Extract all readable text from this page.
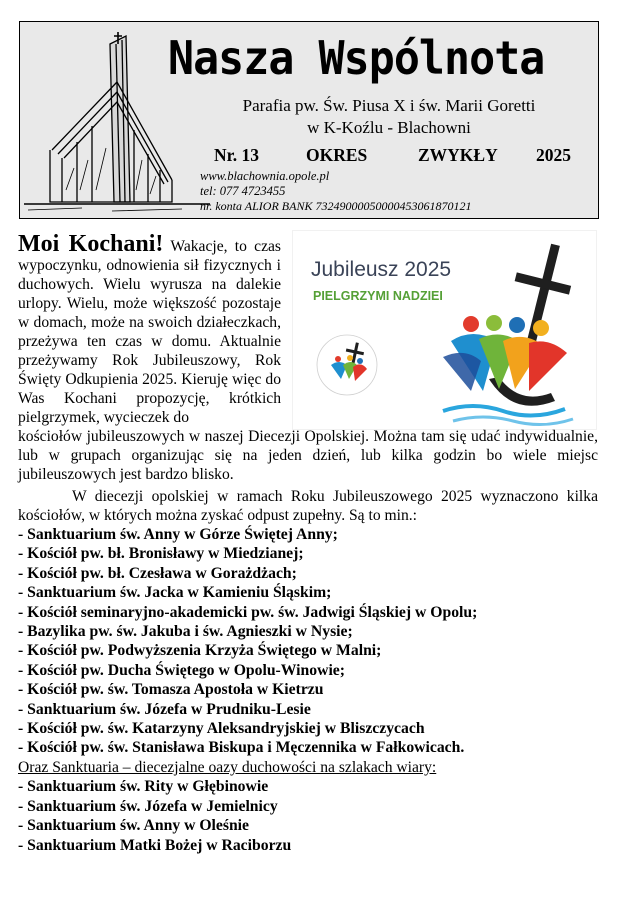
Nasza Wspólnota
Parafia pw. Św. Piusa X i św. Marii Goretti
w K-Koźlu - Blachowni
Nr. 13	OKRES	ZWYKŁY 2025
www.blachownia.opole.pl
tel: 077 4723455
nr. konta ALIOR BANK 73249000050000453061870121
Jubileusz 2025
PIELGRZYMI NADZIEI
Moi Kochani! Wakacje, to czas wypoczynku, odnowienia sił fizycznych i duchowych. Wielu wyrusza na dalekie urlopy. Wielu, może większość pozostaje w domach, może na swoich działeczkach, przeżywa ten czas w domu. Aktualnie przeżywamy Rok Jubileuszowy, Rok Święty Odkupienia 2025. Kieruję więc do Was Kochani propozycję, krótkich pielgrzymek, wycieczek do

kościołów jubileuszowych w naszej Diecezji Opolskiej. Można tam się udać indywidualnie, lub w grupach organizując się na jeden dzień, lub kilka godzin bo wiele miejsc jubileuszowych jest bardzo blisko.

W diecezji opolskiej w ramach Roku Jubileuszowego 2025 wyznaczono kilka kościołów, w których można zyskać odpust zupełny. Są to min.:

- Sanktuarium św. Anny w Górze Świętej Anny;
- Kościół pw. bł. Bronisławy w Miedzianej;
- Kościół pw. bł. Czesława w Gorażdżach;
- Sanktuarium św. Jacka w Kamieniu Śląskim;
- Kościół seminaryjno-akademicki pw. św. Jadwigi Śląskiej w Opolu;
- Bazylika pw. św. Jakuba i św. Agnieszki w Nysie;
- Kościół pw. Podwyższenia Krzyża Świętego w Malni;
- Kościół pw. Ducha Świętego w Opolu-Winowie;
- Kościół pw. św. Tomasza Apostoła w Kietrzu
- Sanktuarium św. Józefa w Prudniku-Lesie
- Kościół pw. św. Katarzyny Aleksandryjskiej w Bliszczycach
- Kościół pw. św. Stanisława Biskupa i Męczennika w Fałkowicach.
Oraz Sanktuaria – diecezjalne oazy duchowości na szlakach wiary:
- Sanktuarium św. Rity w Głębinowie
- Sanktuarium św. Józefa w Jemielnicy
- Sanktuarium św. Anny w Oleśnie
- Sanktuarium Matki Bożej w Raciborzu
